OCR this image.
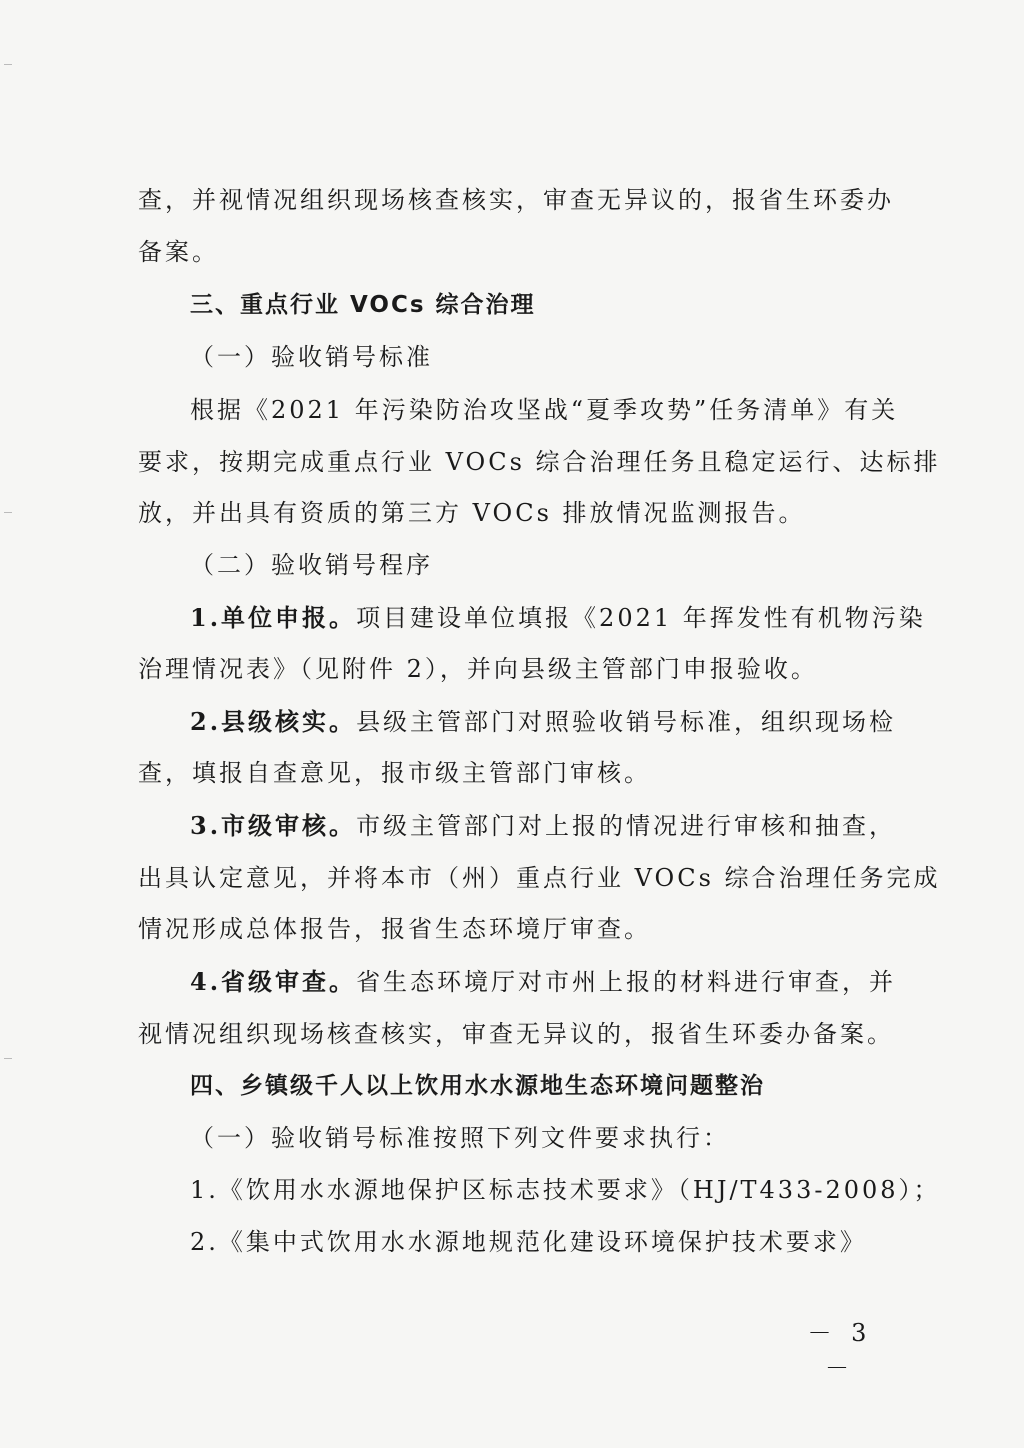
查，并视情况组织现场核查核实，审查无异议的，报省生环委办
备案。
三、重点行业 VOCs 综合治理
（一）验收销号标准
根据《2021 年污染防治攻坚战“夏季攻势”任务清单》有关
要求，按期完成重点行业 VOCs 综合治理任务且稳定运行、达标排
放，并出具有资质的第三方 VOCs 排放情况监测报告。
（二）验收销号程序
1.单位申报。项目建设单位填报《2021 年挥发性有机物污染
治理情况表》（见附件 2），并向县级主管部门申报验收。
2.县级核实。县级主管部门对照验收销号标准，组织现场检
查，填报自查意见，报市级主管部门审核。
3.市级审核。市级主管部门对上报的情况进行审核和抽查，
出具认定意见，并将本市（州）重点行业 VOCs 综合治理任务完成
情况形成总体报告，报省生态环境厅审查。
4.省级审查。省生态环境厅对市州上报的材料进行审查，并
视情况组织现场核查核实，审查无异议的，报省生环委办备案。
四、乡镇级千人以上饮用水水源地生态环境问题整治
（一）验收销号标准按照下列文件要求执行：
1.《饮用水水源地保护区标志技术要求》（HJ/T433-2008）；
2.《集中式饮用水水源地规范化建设环境保护技术要求》
－ 3 －
